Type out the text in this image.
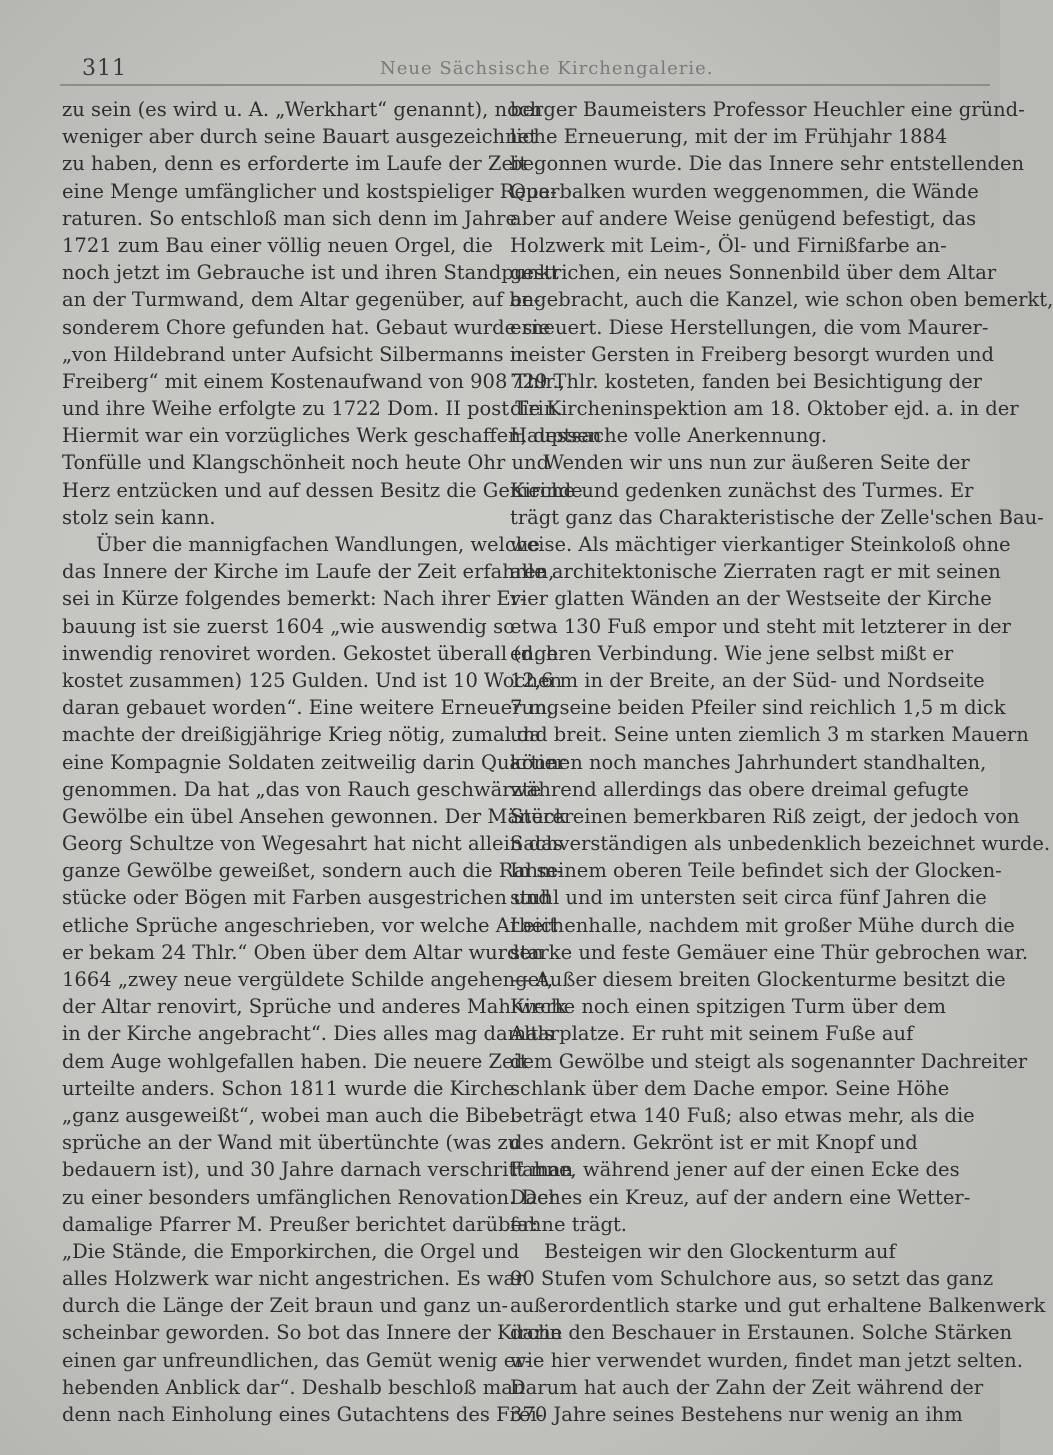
311	Neue Sächsische Kirchengalerie.
zu sein (es wird u. A. „Werkhart“ genannt), noch
weniger aber durch seine Bauart ausgezeichnet
zu haben, denn es erforderte im Laufe der Zeit
eine Menge umfänglicher und kostspieliger Repa-
raturen. So entschloß man sich denn im Jahre
1721 zum Bau einer völlig neuen Orgel, die
noch jetzt im Gebrauche ist und ihren Standpunkt
an der Turmwand, dem Altar gegenüber, auf be-
sonderem Chore gefunden hat. Gebaut wurde sie
„von Hildebrand unter Aufsicht Silbermanns in
Freiberg“ mit einem Kostenaufwand von 908 Thlr.,
und ihre Weihe erfolgte zu 1722 Dom. II post Trin.
Hiermit war ein vorzügliches Werk geschaffen, dessen
Tonfülle und Klangschönheit noch heute Ohr und
Herz entzücken und auf dessen Besitz die Gemeinde
stolz sein kann.
Über die mannigfachen Wandlungen, welche
das Innere der Kirche im Laufe der Zeit erfahren,
sei in Kürze folgendes bemerkt: Nach ihrer Er-
bauung ist sie zuerst 1604 „wie auswendig so
inwendig renoviret worden. Gekostet überall (d. h.
kostet zusammen) 125 Gulden. Und ist 10 Wochen
daran gebauet worden“. Eine weitere Erneuerung
machte der dreißigjährige Krieg nötig, zumal da
eine Kompagnie Soldaten zeitweilig darin Quartier
genommen. Da hat „das von Rauch geschwärzte
Gewölbe ein übel Ansehen gewonnen. Der Mänerer
Georg Schultze von Wegesahrt hat nicht allein das
ganze Gewölbe geweißet, sondern auch die Rahm-
stücke oder Bögen mit Farben ausgestrichen und
etliche Sprüche angeschrieben, vor welche Arbeit
er bekam 24 Thlr.“ Oben über dem Altar wurden
1664 „zwey neue vergüldete Schilde angehenget,
der Altar renovirt, Sprüche und anderes Mahlwerk
in der Kirche angebracht“. Dies alles mag damals
dem Auge wohlgefallen haben. Die neuere Zeit
urteilte anders. Schon 1811 wurde die Kirche
„ganz ausgeweißt“, wobei man auch die Bibel-
sprüche an der Wand mit übertünchte (was zu
bedauern ist), und 30 Jahre darnach verschritt man
zu einer besonders umfänglichen Renovation. Der
damalige Pfarrer M. Preußer berichtet darüber:
„Die Stände, die Emporkirchen, die Orgel und
alles Holzwerk war nicht angestrichen. Es war
durch die Länge der Zeit braun und ganz un-
scheinbar geworden. So bot das Innere der Kirche
einen gar unfreundlichen, das Gemüt wenig er-
hebenden Anblick dar“. Deshalb beschloß man
denn nach Einholung eines Gutachtens des Frei-
berger Baumeisters Professor Heuchler eine gründ-
liche Erneuerung, mit der im Frühjahr 1884
begonnen wurde. Die das Innere sehr entstellenden
Querbalken wurden weggenommen, die Wände
aber auf andere Weise genügend befestigt, das
Holzwerk mit Leim-, Öl- und Firnißfarbe an-
gestrichen, ein neues Sonnenbild über dem Altar
angebracht, auch die Kanzel, wie schon oben bemerkt,
erneuert. Diese Herstellungen, die vom Maurer-
meister Gersten in Freiberg besorgt wurden und
729 Thlr. kosteten, fanden bei Besichtigung der
die Kircheninspektion am 18. Oktober ejd. a. in der
Hauptsache volle Anerkennung.
Wenden wir uns nun zur äußeren Seite der
Kirche und gedenken zunächst des Turmes. Er
trägt ganz das Charakteristische der Zelle'schen Bau-
weise. Als mächtiger vierkantiger Steinkoloß ohne
alle architektonische Zierraten ragt er mit seinen
vier glatten Wänden an der Westseite der Kirche
etwa 130 Fuß empor und steht mit letzterer in der
engeren Verbindung. Wie jene selbst mißt er
12,6 m in der Breite, an der Süd- und Nordseite
7 m, seine beiden Pfeiler sind reichlich 1,5 m dick
und breit. Seine unten ziemlich 3 m starken Mauern
können noch manches Jahrhundert standhalten,
während allerdings das obere dreimal gefugte
Stück einen bemerkbaren Riß zeigt, der jedoch von
Sachverständigen als unbedenklich bezeichnet wurde.
In seinem oberen Teile befindet sich der Glocken-
stuhl und im untersten seit circa fünf Jahren die
Leichenhalle, nachdem mit großer Mühe durch die
starke und feste Gemäuer eine Thür gebrochen war.
— Außer diesem breiten Glockenturme besitzt die
Kirche noch einen spitzigen Turm über dem
Altarplatze. Er ruht mit seinem Fuße auf
dem Gewölbe und steigt als sogenannter Dachreiter
schlank über dem Dache empor. Seine Höhe
beträgt etwa 140 Fuß; also etwas mehr, als die
des andern. Gekrönt ist er mit Knopf und
Fahne, während jener auf der einen Ecke des
Daches ein Kreuz, auf der andern eine Wetter-
fahne trägt.
Besteigen wir den Glockenturm auf
90 Stufen vom Schulchore aus, so setzt das ganz
außerordentlich starke und gut erhaltene Balkenwerk
darin den Beschauer in Erstaunen. Solche Stärken
wie hier verwendet wurden, findet man jetzt selten.
Darum hat auch der Zahn der Zeit während der
370 Jahre seines Bestehens nur wenig an ihm
